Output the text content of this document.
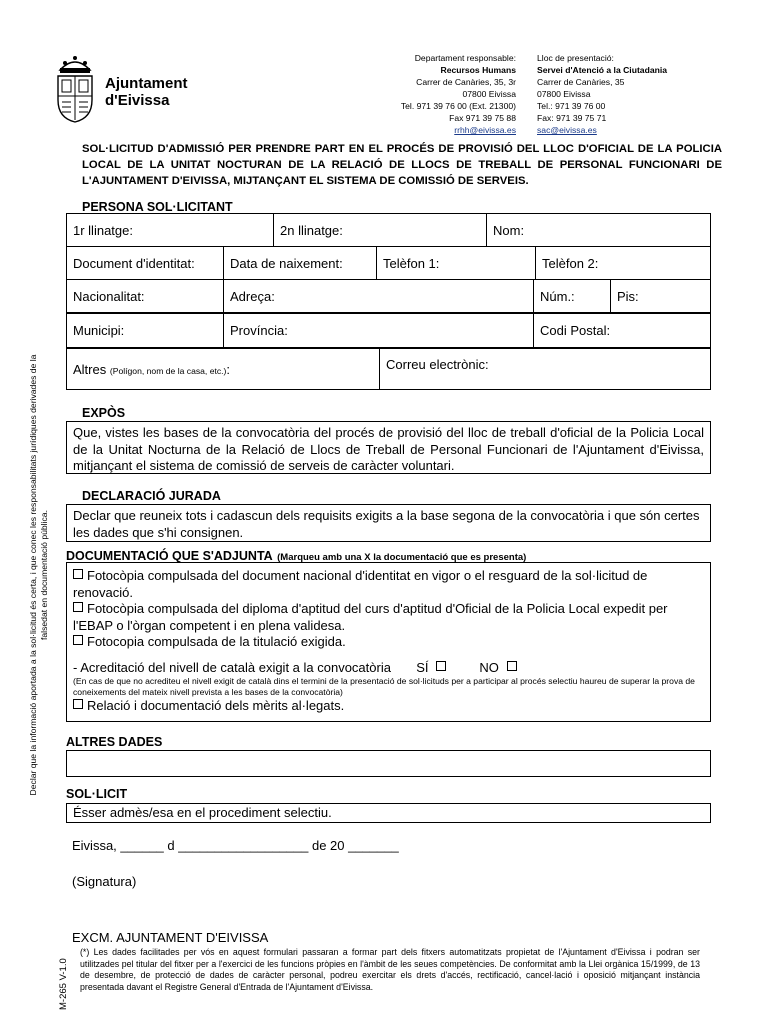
Declar que la informació aportada a la sol·licitud és certa, i que conec les responsabilitats jurídiques derivades de la falsedat en documentació pública.
M-265 V-1.0
Ajuntament
d'Eivissa
Departament responsable:
Recursos Humans
Carrer de Canàries, 35, 3r
07800 Eivissa
Tel. 971 39 76 00 (Ext. 21300)
Fax 971 39 75 88
rrhh@eivissa.es
Lloc de presentació:
Servei d'Atenció a la Ciutadania
Carrer de Canàries, 35
07800 Eivissa
Tel.: 971 39 76 00
Fax: 971 39 75 71
sac@eivissa.es
SOL·LICITUD D'ADMISSIÓ PER PRENDRE PART EN EL PROCÉS DE PROVISIÓ DEL LLOC D'OFICIAL DE LA POLICIA LOCAL DE LA UNITAT NOCTURAN DE LA RELACIÓ DE LLOCS DE TREBALL DE PERSONAL FUNCIONARI DE L'AJUNTAMENT D'EIVISSA, MIJTANÇANT EL SISTEMA DE COMISSIÓ DE SERVEIS.
PERSONA SOL·LICITANT
1r llinatge:	2n llinatge:	Nom:
Document d'identitat:	Data de naixement:	Telèfon 1:	Telèfon 2:
Nacionalitat:	Adreça:	Núm.:	Pis:
Municipi:	Província:	Codi Postal:
Altres (Polígon, nom de la casa, etc.):	Correu electrònic:
EXPÒS
Que, vistes les bases de la convocatòria del procés de provisió del lloc de treball d'oficial de la Policia Local de la Unitat Nocturna de la Relació de Llocs de Treball de Personal Funcionari de l'Ajuntament d'Eivissa, mitjançant el sistema de comissió de serveis de caràcter voluntari.
DECLARACIÓ JURADA
Declar que reuneix tots i cadascun dels requisits exigits a la base segona de la convocatòria i que són certes les dades que s'hi consignen.
DOCUMENTACIÓ QUE S'ADJUNTA (Marqueu amb una X la documentació que es presenta)
Fotocòpia compulsada del document nacional d'identitat en vigor o el resguard de la sol·licitud de renovació.
Fotocòpia compulsada del diploma d'aptitud del curs d'aptitud d'Oficial de la Policia Local expedit per l'EBAP o l'òrgan competent i en plena validesa.
Fotocopia compulsada de la titulació exigida.
- Acreditació del nivell de català exigit a la convocatòria SÍ	NO
(En cas de que no acrediteu el nivell exigit de català dins el termini de la presentació de sol·licituds per a participar al procés selectiu haureu de superar la prova de coneixements del mateix nivell prevista a les bases de la convocatòria)
Relació i documentació dels mèrits al·legats.
ALTRES DADES
SOL·LICIT
Ésser admès/esa en el procediment selectiu.
Eivissa, ______ d __________________ de 20 _______
(Signatura)
EXCM. AJUNTAMENT D'EIVISSA
(*) Les dades facilitades per vós en aquest formulari passaran a formar part dels fitxers automatitzats propietat de l'Ajuntament d'Eivissa i podran ser utilitzades pel titular del fitxer per a l'exercici de les funcions pròpies en l'àmbit de les seues competències. De conformitat amb la Llei orgànica 15/1999, de 13 de desembre, de protecció de dades de caràcter personal, podreu exercitar els drets d'accés, rectificació, cancel·lació i oposició mitjançant instància presentada davant el Registre General d'Entrada de l'Ajuntament d'Eivissa.
